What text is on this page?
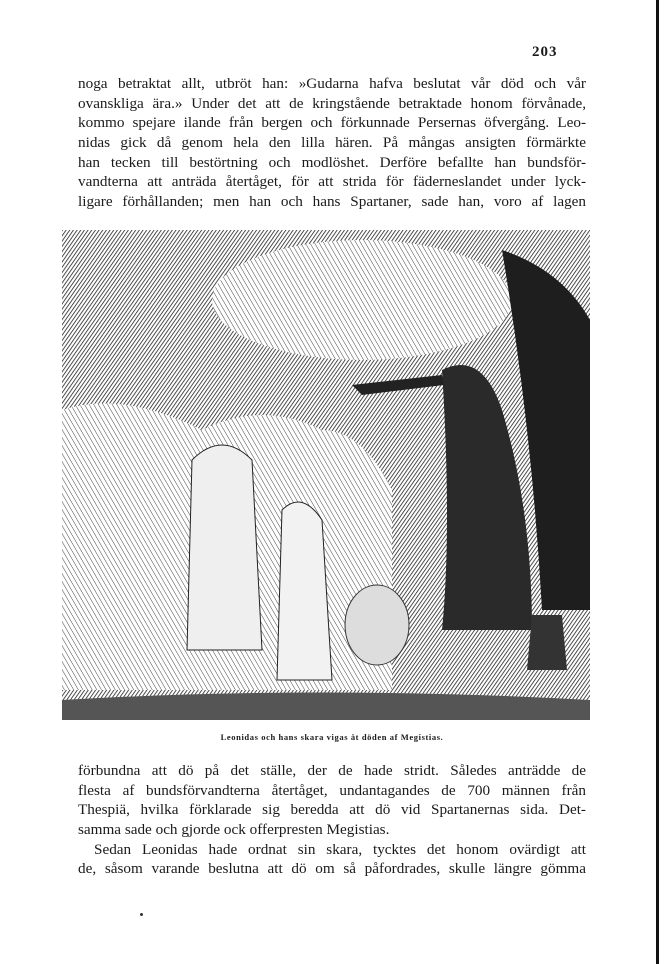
203
noga betraktat allt, utbröt han: »Gudarna hafva beslutat vår död och vår
ovanskliga ära.» Under det att de kringstående betraktade honom förvånade,
kommo spejare ilande från bergen och förkunnade Persernas öfvergång. Leo-
nidas gick då genom hela den lilla hären. På mångas ansigten förmärkte
han tecken till bestörtning och modlöshet. Derföre befallte han bundsför-
vandterna att anträda återtåget, för att strida för fäderneslandet under lyck-
ligare förhållanden; men han och hans Spartaner, sade han, voro af lagen
Leonidas och hans skara vigas åt döden af Megistias.
förbundna att dö på det ställe, der de hade stridt. Således anträdde de
flesta af bundsförvandterna återtåget, undantagandes de 700 männen från
Thespiä, hvilka förklarade sig beredda att dö vid Spartanernas sida. Det-
samma sade och gjorde ock offerpresten Megistias.
Sedan Leonidas hade ordnat sin skara, tycktes det honom ovärdigt att
de, såsom varande beslutna att dö om så påfordrades, skulle längre gömma
